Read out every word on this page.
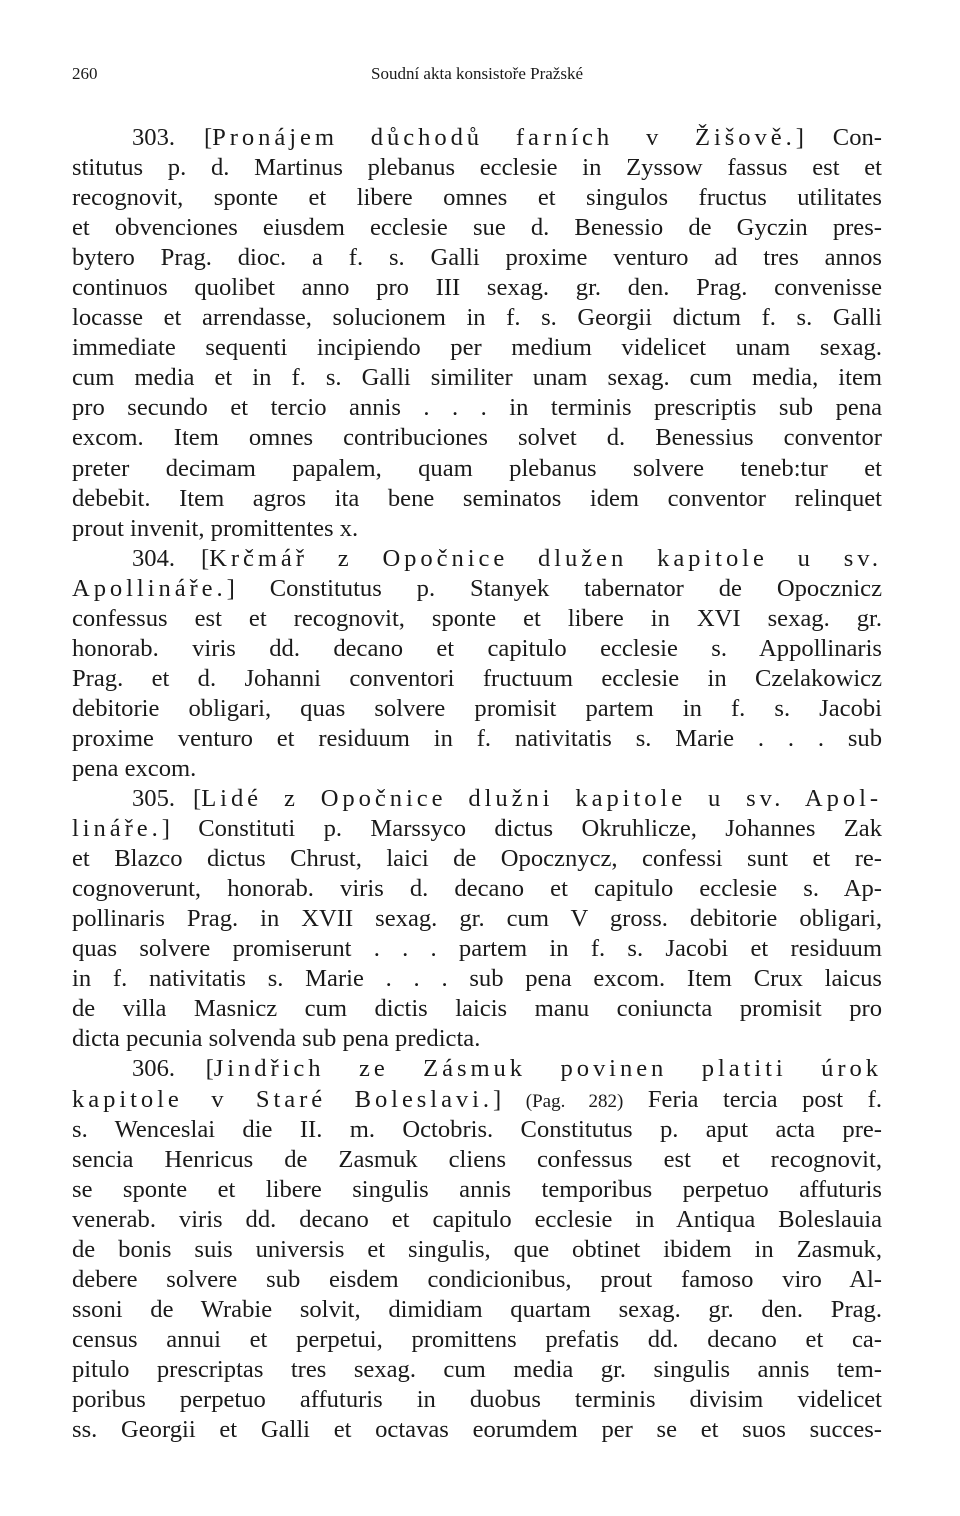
260	Soudní akta konsistoře Pražské
303. [Pronájem důchodů farních v Žišově.] Con-
stitutus p. d. Martinus plebanus ecclesie in Zyssow fassus est et
recognovit, sponte et libere omnes et singulos fructus utilitates
et obvenciones eiusdem ecclesie sue d. Benessio de Gyczin pres-
bytero Prag. dioc. a f. s. Galli proxime venturo ad tres annos
continuos quolibet anno pro III sexag. gr. den. Prag. convenisse
locasse et arrendasse, solucionem in f. s. Georgii dictum f. s. Galli
immediate sequenti incipiendo per medium videlicet unam sexag.
cum media et in f. s. Galli similiter unam sexag. cum media, item
pro secundo et tercio annis . . . in terminis prescriptis sub pena
excom. Item omnes contribuciones solvet d. Benessius conventor
preter decimam papalem, quam plebanus solvere teneb:tur et
debebit. Item agros ita bene seminatos idem conventor relinquet
prout invenit, promittentes x.
304. [Krčmář z Opočnice dlužen kapitole u sv.
Apollináře.] Constitutus p. Stanyek tabernator de Opocznicz
confessus est et recognovit, sponte et libere in XVI sexag. gr.
honorab. viris dd. decano et capitulo ecclesie s. Appollinaris
Prag. et d. Johanni conventori fructuum ecclesie in Czelakowicz
debitorie obligari, quas solvere promisit partem in f. s. Jacobi
proxime venturo et residuum in f. nativitatis s. Marie . . . sub
pena excom.
305. [Lidé z Opočnice dlužni kapitole u sv. Apol-
lináře.] Constituti p. Marssyco dictus Okruhlicze, Johannes Zak
et Blazco dictus Chrust, laici de Opocznycz, confessi sunt et re-
cognoverunt, honorab. viris d. decano et capitulo ecclesie s. Ap-
pollinaris Prag. in XVII sexag. gr. cum V gross. debitorie obligari,
quas solvere promiserunt . . . partem in f. s. Jacobi et residuum
in f. nativitatis s. Marie . . . sub pena excom. Item Crux laicus
de villa Masnicz cum dictis laicis manu coniuncta promisit pro
dicta pecunia solvenda sub pena predicta.
306. [Jindřich ze Zásmuk povinen platiti úrok
kapitole v Staré Boleslavi.] (Pag. 282) Feria tercia post f.
s. Wenceslai die II. m. Octobris. Constitutus p. aput acta pre-
sencia Henricus de Zasmuk cliens confessus est et recognovit,
se sponte et libere singulis annis temporibus perpetuo affuturis
venerab. viris dd. decano et capitulo ecclesie in Antiqua Boleslauia
de bonis suis universis et singulis, que obtinet ibidem in Zasmuk,
debere solvere sub eisdem condicionibus, prout famoso viro Al-
ssoni de Wrabie solvit, dimidiam quartam sexag. gr. den. Prag.
census annui et perpetui, promittens prefatis dd. decano et ca-
pitulo prescriptas tres sexag. cum media gr. singulis annis tem-
poribus perpetuo affuturis in duobus terminis divisim videlicet
ss. Georgii et Galli et octavas eorumdem per se et suos succes-
